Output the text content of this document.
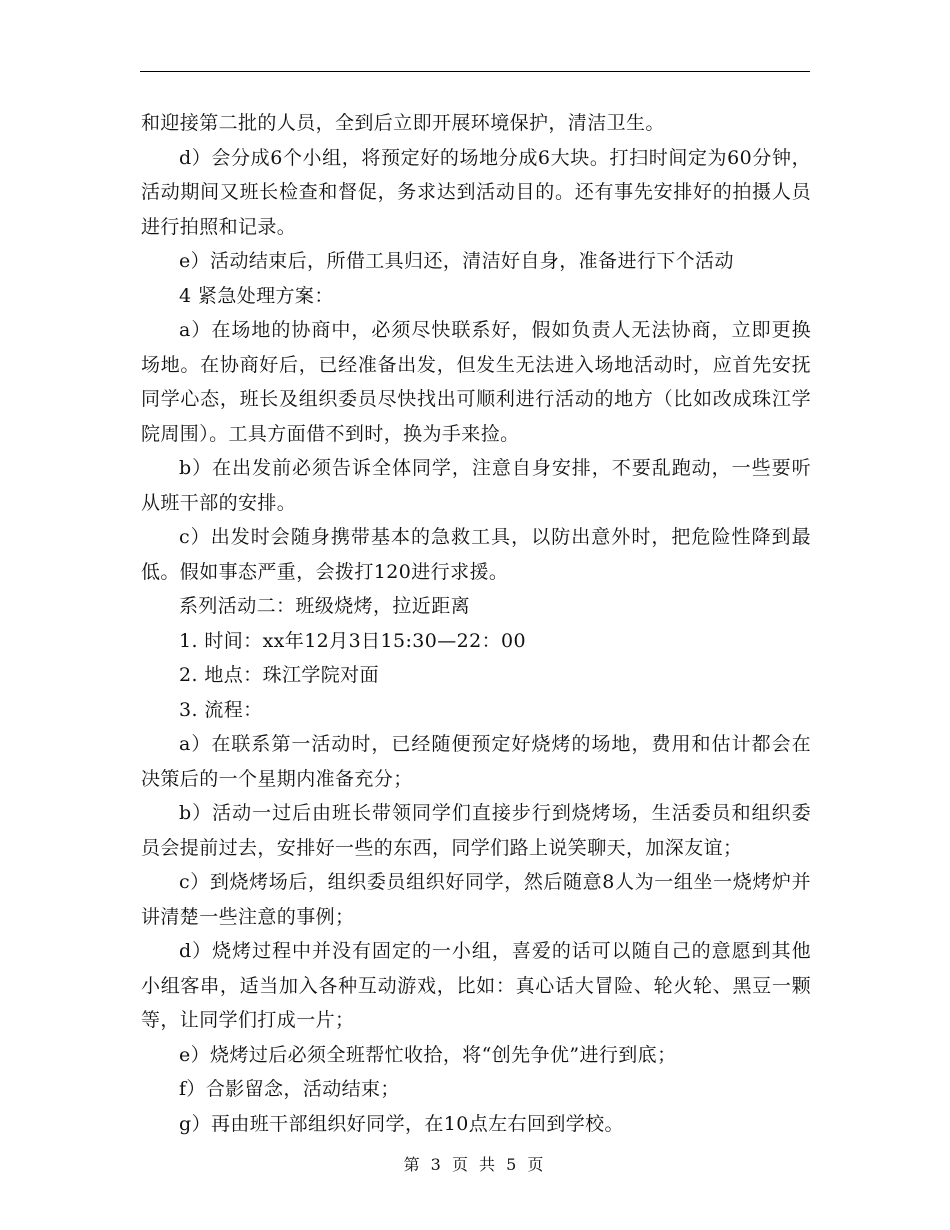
和迎接第二批的人员，全到后立即开展环境保护，清洁卫生。

d）会分成6个小组，将预定好的场地分成6大块。打扫时间定为60分钟，活动期间又班长检查和督促，务求达到活动目的。还有事先安排好的拍摄人员进行拍照和记录。

e）活动结束后，所借工具归还，清洁好自身，准备进行下个活动

4 紧急处理方案：

a）在场地的协商中，必须尽快联系好，假如负责人无法协商，立即更换场地。在协商好后，已经准备出发，但发生无法进入场地活动时，应首先安抚同学心态，班长及组织委员尽快找出可顺利进行活动的地方（比如改成珠江学院周围）。工具方面借不到时，换为手来捡。

b）在出发前必须告诉全体同学，注意自身安排，不要乱跑动，一些要听从班干部的安排。

c）出发时会随身携带基本的急救工具，以防出意外时，把危险性降到最低。假如事态严重，会拨打120进行求援。

系列活动二：班级烧烤，拉近距离

1. 时间：xx年12月3日15:30—22：00

2. 地点：珠江学院对面

3. 流程：

a）在联系第一活动时，已经随便预定好烧烤的场地，费用和估计都会在决策后的一个星期内准备充分；

b）活动一过后由班长带领同学们直接步行到烧烤场，生活委员和组织委员会提前过去，安排好一些的东西，同学们路上说笑聊天，加深友谊；

c）到烧烤场后，组织委员组织好同学，然后随意8人为一组坐一烧烤炉并讲清楚一些注意的事例；

d）烧烤过程中并没有固定的一小组，喜爱的话可以随自己的意愿到其他小组客串，适当加入各种互动游戏，比如：真心话大冒险、轮火轮、黑豆一颗等，让同学们打成一片；

e）烧烤过后必须全班帮忙收拾，将“创先争优”进行到底；

f）合影留念，活动结束；

g）再由班干部组织好同学，在10点左右回到学校。

第 3 页 共 5 页
